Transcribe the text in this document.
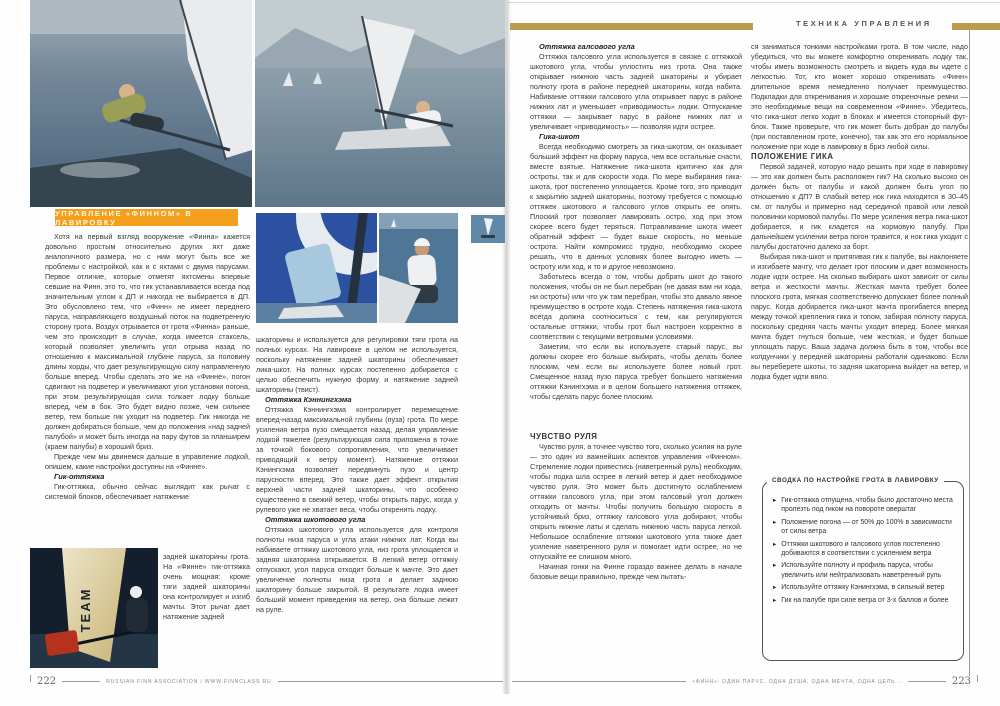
УПРАВЛЕНИЕ «ФИННОМ» В ЛАВИРОВКУ

Хотя на первый взгляд вооружение «Финна» кажется довольно простым относительно других яхт даже аналогичного размера, но с ним могут быть все же проблемы с настройкой, как и с яхтами с двумя парусами. Первое отличие, которые отметят яхтсмены впервые севшие на Финн, это то, что гик устанавливается всегда под значительным углом к ДП и никогда не выбирается в ДП. Это обусловлено тем, что «Финн» не имеет переднего паруса, направляющего воздушный поток на подветренную сторону грота. Воздух отрывается от грота «Финна» раньше, чем это происходит в случае, когда имеется стаксель, который позволяет увеличить угол отрыва назад по отношению к максимальной глубине паруса, за половину длины хорды, что дает результирующую силу направленную больше вперед. Чтобы сделать это же на «Финне», погон сдвигают на подветер и увеличивают угол установки погона, при этом результирующая сила толкает лодку больше вперед, чем в бок. Это будет видно позже, чем сильнее ветер, тем больше гик уходит на подветер. Гик никогда не должен добираться больше, чем до положения «над задней палубой» и может быть иногда на пару футов за планширем (краем палубы) в хороший бриз.

Прежде чем мы двинемся дальше в управление лодкой, опишем, какие настройки доступны на «Финне».

Гик-оттяжка

Гик-оттяжка, обычно сейчас выглядит как рычаг с системой блоков, обеспечивает натяжение

TEAM

задней шкаторины грота. На «Финне» гик-оттяжка очень мощная: кроме тяги задней шкаторины она контролирует и изгиб мачты. Этот рычаг дает натяжение задней

шкаторины и используется для регулировки тяги грота на полных курсах. На лавировке в целом не используется, поскольку натяжение задней шкаторины обеспечивает лика-шкот. На полных курсах постепенно добирается с целью обеспечить нужную форму и натяжение задней шкаторины (твист).

Оттяжка Кэннингхэма

Оттяжка Кэннингхэма контролирует перемещение вперед-назад максимальной глубины (пуза) грота. По мере усиления ветра пузо смещается назад, делая управление лодкой тяжелее (результирующая сила приложена в точке за точкой бокового сопротивления, что увеличивает приводящий к ветру момент). Натяжение оттяжки Кэнингхэма позволяет передвинуть пузо и центр парусности вперед. Это также дает эффект открытия верхней части задней шкаторины, что особенно существенно в свежий ветер, чтобы открыть парус, когда у рулевого уже не хватает веса, чтобы откренить лодку.

Оттяжка шкотового угла

Оттяжка шкотового угла используется для контроля полноты низа паруса и угла атаки нижних лат. Когда вы набиваете оттяжку шкотового угла, низ грота уплощается и задняя шкаторина открывается. В легкий ветер оттяжку отпускают, угол паруса отходит больше к мачте. Это дает увеличение полноты низа грота и делает заднюю шкаторину больше закрытой. В результате лодка имеет больший момент приведения на ветер, она больше лежит на руле.

ТЕХНИКА УПРАВЛЕНИЯ

Оттяжка галсового угла

Оттяжка галсового угла используется в связке с оттяжкой шкотового угла, чтобы уплостить низ грота. Она также открывает нижнюю часть задней шкаторины и убирает полноту грота в районе передней шкаторины, когда набита. Набивание оттяжки галсового угла открывает парус в районе нижних лат и уменьшает «приводимость» лодки. Отпускание оттяжки — закрывает парус в районе нижних лат и увеличивает «приводимость» — позволяя идти острее.

Гика-шкот

Всегда необходимо смотреть за гика-шкотом, он оказывает больший эффект на форму паруса, чем все остальные снасти, вместе взятые. Натяжение гика-шкота критично как для остроты, так и для скорости хода. По мере выбирания гика-шкота, грот постепенно уплощается. Кроме того, это приводит к закрытию задней шкаторины, поэтому требуется с помощью оттяжек шкотового и галсового углов открыть ее опять. Плоский грот позволяет лавировать остро, ход при этом скорее всего будет теряться. Потравливание шкота имеет обратный эффект — будет выше скорость, но меньше острота. Найти компромисс трудно, необходимо скорее решать, что в данных условиях более выгодно иметь — остроту или ход, и то и другое невозможно.

Заботьтесь всегда о том, чтобы добрать шкот до такого положения, чтобы он не был перебран (не давая вам ни хода, ни остроты) или что уж там перебран, чтобы это давало явное преимущество в остроте хода. Степень натяжения гика-шкота всегда должна соотноситься с тем, как регулируются остальные оттяжки, чтобы грот был настроен корректно в соответствии с текущими ветровыми условиями.

Заметим, что если вы используете старый парус, вы должны скорее его больше выбирать, чтобы делать более плоским, чем если вы используете более новый грот. Смещенное назад пузо паруса требует большего натяжения оттяжки Кэнингхэма и в целом большего натяжения оттяжек, чтобы сделать парус более плоским.

ЧУВСТВО РУЛЯ

Чувство руля, а точнее чувство того, сколько усилия на руле — это один из важнейших аспектов управления «Финном». Стремление лодки привестись (наветренный руль) необходим, чтобы лодка шла острее в легкий ветер и дает необходимое чувство руля. Это может быть достигнуто ослаблением оттяжки галсового угла, при этом галсовый угол должен отходить от мачты. Чтобы получить большую скорость в устойчивый бриз, оттяжку галсового угла добирают, чтобы открыть нижние латы и сделать нижнюю часть паруса легкой. Небольшое ослабление оттяжки шкотового угла также дает усиление наветренного руля и помогает идти острее, но не отпускайте ее слишком много.

Начиная гонки на Финне гораздо важнее делать в начале базовые вещи правильно, прежде чем пытать-

ся заниматься тонкими настройками грота. В том числе, надо убедиться, что вы можете комфортно откренивать лодку так, чтобы иметь возможность смотреть и видеть куда вы идете с легкостью. Тот, кто может хорошо откренивать «Финн» длительное время немедленно получает преимущество. Подкладки для откренивания и хорошие откреночные ремни — это необходимые вещи на современном «Финне». Убедитесь, что гика-шкот легко ходит в блоках и имеется стопорный фут-блок. Также проверьте, что гик может быть добран до палубы (при поставленном гроте, конечно), так как это его нормальное положение при ходе в лавировку в бриз любой силы.

ПОЛОЖЕНИЕ ГИКА

Первой задачей, которую надо решить при ходе в лавировку — это как должен быть расположен гик? На сколько высоко он должен быть от палубы и какой должен быть угол по отношению к ДП? В слабый ветер нок гика находится в 30–45 см. от палубы и примерно над серединой правой или левой половинки кормовой палубы. По мере усиления ветра гика-шкот добирается, и гик кладется на кормовую палубу. При дальнейшем усилении ветра погон травится, и нок гика уходит с палубы достаточно далеко за борт.

Выбирая гика-шкот и притягивая гик к палубе, вы наклоняете и изгибаете мачту, что делает грот плоским и дает возможность лодке идти острее. На сколько выбирать шкот зависит от силы ветра и жесткости мачты. Жесткая мачта требует более плоского грота, мягкая соответственно допускает более полный парус. Когда добирается гика-шкот мачта прогибается вперед между точкой крепления гика и топом, забирая полноту паруса, поскольку средняя часть мачты уходит вперед. Более мягкая мачта будет гнуться больше, чем жесткая, и будет больше уплощать парус. Ваша задача должна быть в том, чтобы все колдунчики у передней шкаторины работали одинаково. Если вы переберете шкоты, то задняя шкаторина выйдет на ветер, и лодка будет идти вяло.

СВОДКА ПО НАСТРОЙКЕ ГРОТА В ЛАВИРОВКУ
▸ Гик-оттяжка отпущена, чтобы было достаточно места пролезть под гиком на повороте оверштаг
▸ Положение погона — от 50% до 100% в зависимости от силы ветра
▸ Оттяжки шкотового и галсового углов постепенно добиваются в соответствии с усилением ветра
▸ Используйте полноту и профиль паруса, чтобы увеличить или нейтрализовать наветренный руль
▸ Используйте оттяжку Кэнингхэма, в сильный ветер
▸ Гик на палубе при силе ветра от 3-х баллов и более
222	RUSSIAN FINN ASSOCIATION / WWW.FINNCLASS.RU	«ФИНН»: ОДИН ПАРУС, ОДНА ДУША, ОДНА МЕЧТА, ОДНА ЦЕЛЬ...	223
